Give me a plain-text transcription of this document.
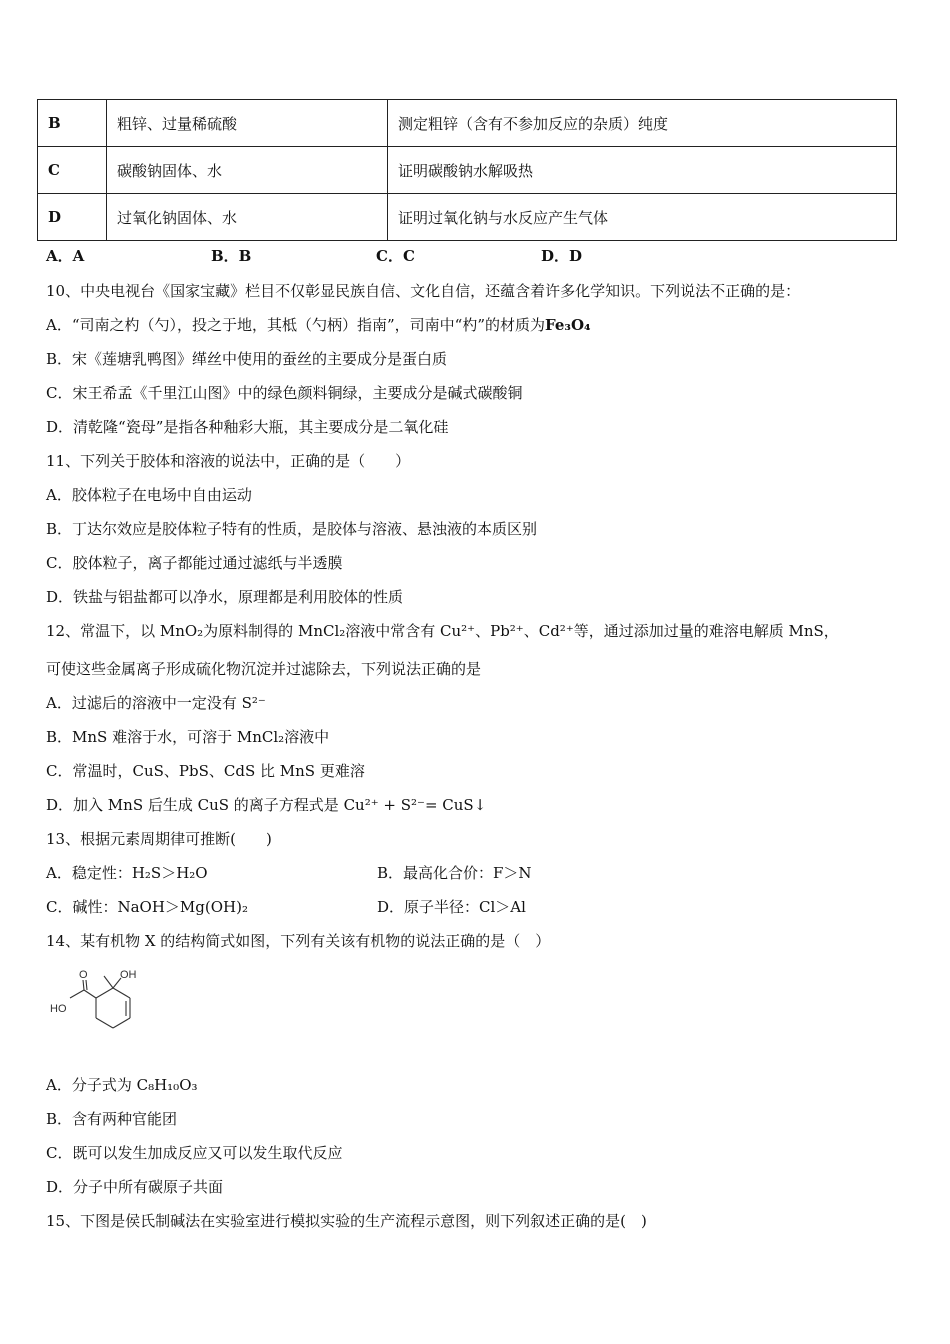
B	粗锌、过量稀硫酸	测定粗锌（含有不参加反应的杂质）纯度
C	碳酸钠固体、水	证明碳酸钠水解吸热
D	过氧化钠固体、水	证明过氧化钠与水反应产生气体
A．A	B．B	C．C	D．D
10、中央电视台《国家宝藏》栏目不仅彰显民族自信、文化自信，还蕴含着许多化学知识。下列说法不正确的是：
A．“司南之杓（勺），投之于地，其柢（勺柄）指南”，司南中“杓”的材质为Fe₃O₄
B．宋《莲塘乳鸭图》缂丝中使用的蚕丝的主要成分是蛋白质
C．宋王希孟《千里江山图》中的绿色颜料铜绿，主要成分是碱式碳酸铜
D．清乾隆“瓷母”是指各种釉彩大瓶，其主要成分是二氧化硅
11、下列关于胶体和溶液的说法中，正确的是（　　）
A．胶体粒子在电场中自由运动
B．丁达尔效应是胶体粒子特有的性质，是胶体与溶液、悬浊液的本质区别
C．胶体粒子，离子都能过通过滤纸与半透膜
D．铁盐与铝盐都可以净水，原理都是利用胶体的性质
12、常温下，以 MnO₂为原料制得的 MnCl₂溶液中常含有 Cu²⁺、Pb²⁺、Cd²⁺等，通过添加过量的难溶电解质 MnS，
可使这些金属离子形成硫化物沉淀并过滤除去，下列说法正确的是
A．过滤后的溶液中一定没有 S²⁻
B．MnS 难溶于水，可溶于 MnCl₂溶液中
C．常温时，CuS、PbS、CdS 比 MnS 更难溶
D．加入 MnS 后生成 CuS 的离子方程式是 Cu²⁺ + S²⁻= CuS↓
13、根据元素周期律可推断(　　)
A．稳定性：H₂S＞H₂O	B．最高化合价：F＞N
C．碱性：NaOH＞Mg(OH)₂	D．原子半径：Cl＞Al
14、某有机物 X 的结构简式如图，下列有关该有机物的说法正确的是（　）
OH
O
HO
A．分子式为 C₈H₁₀O₃
B．含有两种官能团
C．既可以发生加成反应又可以发生取代反应
D．分子中所有碳原子共面
15、下图是侯氏制碱法在实验室进行模拟实验的生产流程示意图，则下列叙述正确的是(　)
